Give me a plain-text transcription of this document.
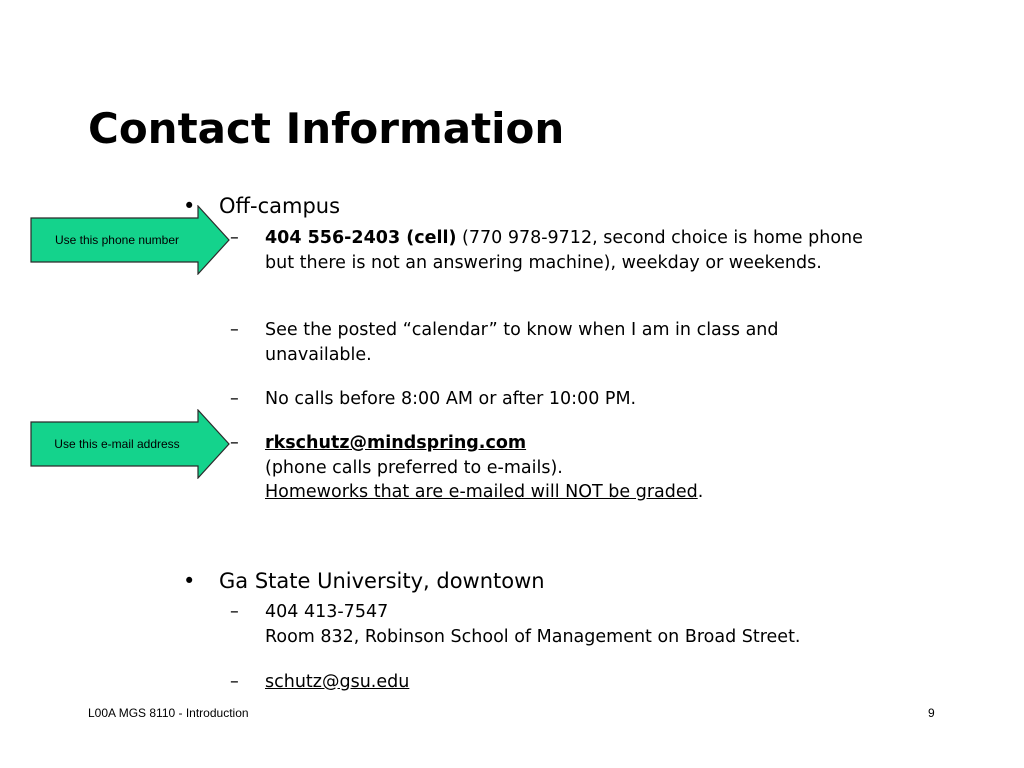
Contact Information
• Off-campus
– 404 556-2403 (cell) (770 978-9712, second choice is home phone but there is not an answering machine), weekday or weekends.
– See the posted “calendar” to know when I am in class and unavailable.
– No calls before 8:00 AM or after 10:00 PM.
– rkschutz@mindspring.com
(phone calls preferred to e-mails).
Homeworks that are e-mailed will NOT be graded.
• Ga State University, downtown
– 404 413-7547
Room 832, Robinson School of Management on Broad Street.
– schutz@gsu.edu
Use this phone number
Use this e-mail address
L00A MGS 8110 - Introduction	9
